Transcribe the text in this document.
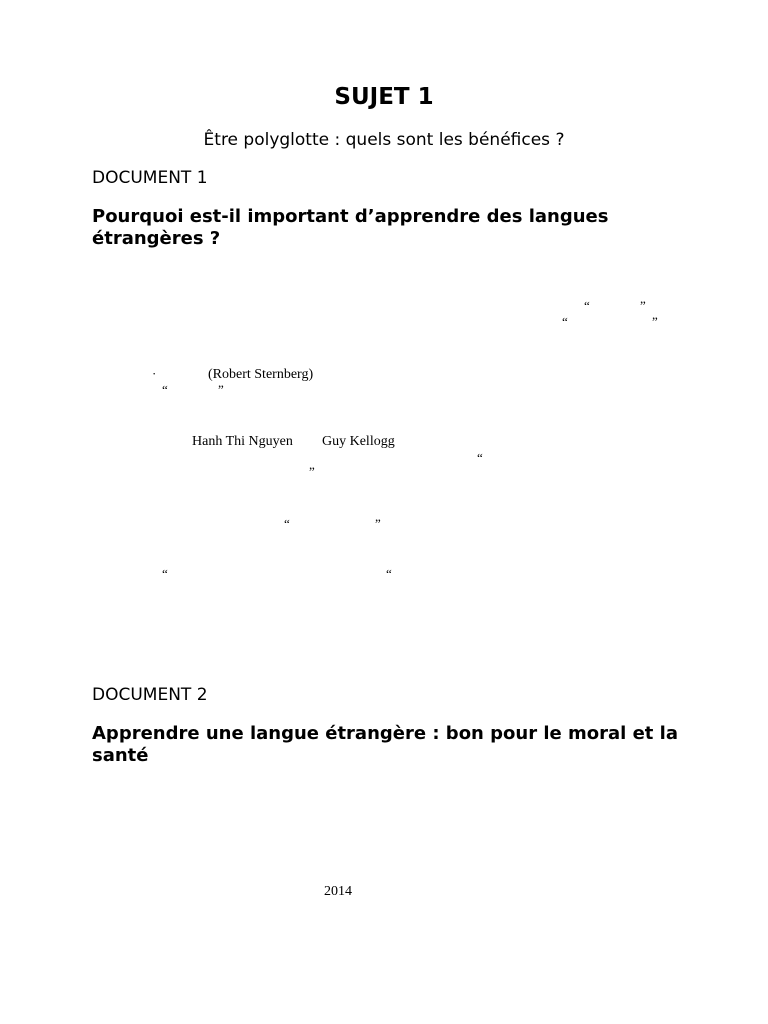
SUJET 1
Être polyglotte : quels sont les bénéfices ?
DOCUMENT 1
Pourquoi est-il important d’apprendre des langues étrangères ?
“	”
“	”
·	(Robert Sternberg)
“	”
Hanh Thi Nguyen Guy Kellogg
“
”
“	”
“	“
DOCUMENT 2
Apprendre une langue étrangère : bon pour le moral et la santé
2014
